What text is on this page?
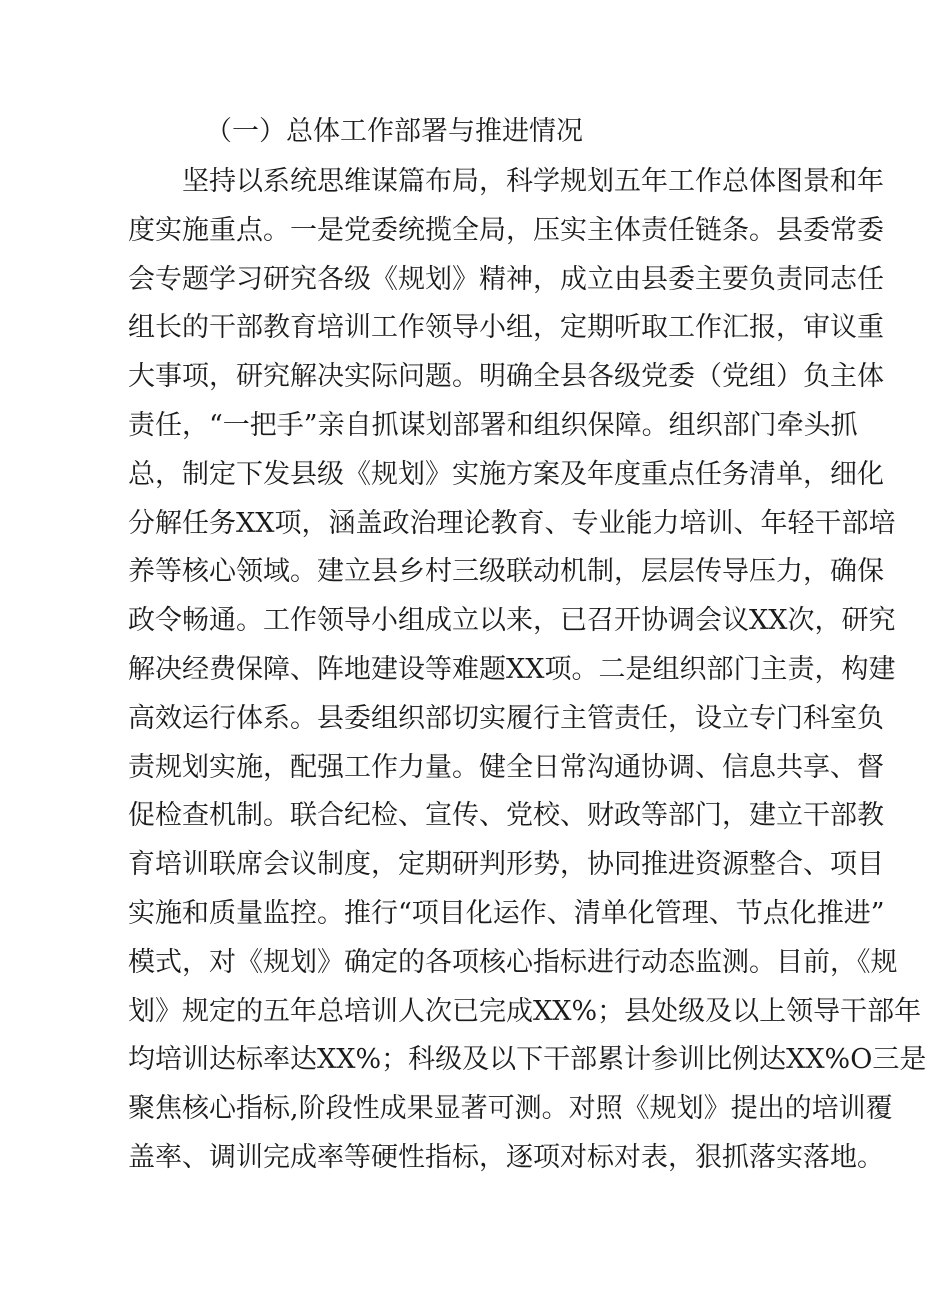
（一）总体工作部署与推进情况
坚持以系统思维谋篇布局，科学规划五年工作总体图景和年
度实施重点。一是党委统揽全局，压实主体责任链条。县委常委
会专题学习研究各级《规划》精神，成立由县委主要负责同志任
组长的干部教育培训工作领导小组，定期听取工作汇报，审议重
大事项，研究解决实际问题。明确全县各级党委（党组）负主体
责任，“一把手”亲自抓谋划部署和组织保障。组织部门牵头抓
总，制定下发县级《规划》实施方案及年度重点任务清单，细化
分解任务XX项，涵盖政治理论教育、专业能力培训、年轻干部培
养等核心领域。建立县乡村三级联动机制，层层传导压力，确保
政令畅通。工作领导小组成立以来，已召开协调会议XX次，研究
解决经费保障、阵地建设等难题XX项。二是组织部门主责，构建
高效运行体系。县委组织部切实履行主管责任，设立专门科室负
责规划实施，配强工作力量。健全日常沟通协调、信息共享、督
促检查机制。联合纪检、宣传、党校、财政等部门，建立干部教
育培训联席会议制度，定期研判形势，协同推进资源整合、项目
实施和质量监控。推行“项目化运作、清单化管理、节点化推进”
模式，对《规划》确定的各项核心指标进行动态监测。目前，《规
划》规定的五年总培训人次已完成XX%；县处级及以上领导干部年
均培训达标率达XX%；科级及以下干部累计参训比例达XX%O三是
聚焦核心指标,阶段性成果显著可测。对照《规划》提出的培训覆
盖率、调训完成率等硬性指标，逐项对标对表，狠抓落实落地。
